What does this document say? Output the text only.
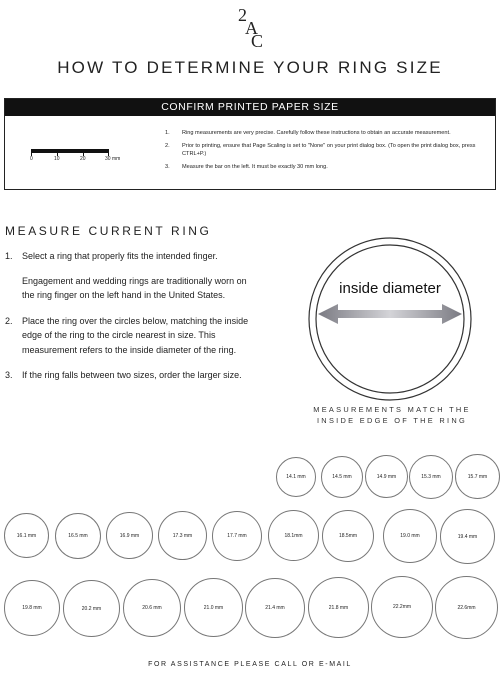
2
A
C
HOW TO DETERMINE YOUR RING SIZE
CONFIRM PRINTED PAPER SIZE
0	10	20	30 mm
1. Ring measurements are very precise. Carefully follow these instructions to obtain an accurate measurement.
2. Prior to printing, ensure that Page Scaling is set to "None" on your print dialog box. (To open the print dialog box, press CTRL+P.)
3. Measure the bar on the left. It must be exactly 30 mm long.
MEASURE CURRENT RING
1. Select a ring that properly fits the intended finger.
Engagement and wedding rings are traditionally worn on the ring finger on the left hand in the United States.
2. Place the ring over the circles below, matching the inside edge of the ring to the circle nearest in size. This measurement refers to the inside diameter of the ring.
3. If the ring falls between two sizes, order the larger size.
inside diameter
MEASUREMENTS MATCH THE
INSIDE EDGE OF THE RING
14.1 mm	14.5 mm	14.9 mm	15.3 mm	15.7 mm
16.1 mm	16.5 mm	16.9 mm	17.3 mm	17.7 mm	18.1mm	18.5mm	19.0 mm	19.4 mm
19.8 mm	20.2 mm	20.6 mm	21.0 mm	21.4 mm	21.8 mm	22.2mm	22.6mm
FOR ASSISTANCE PLEASE CALL OR E-MAIL
